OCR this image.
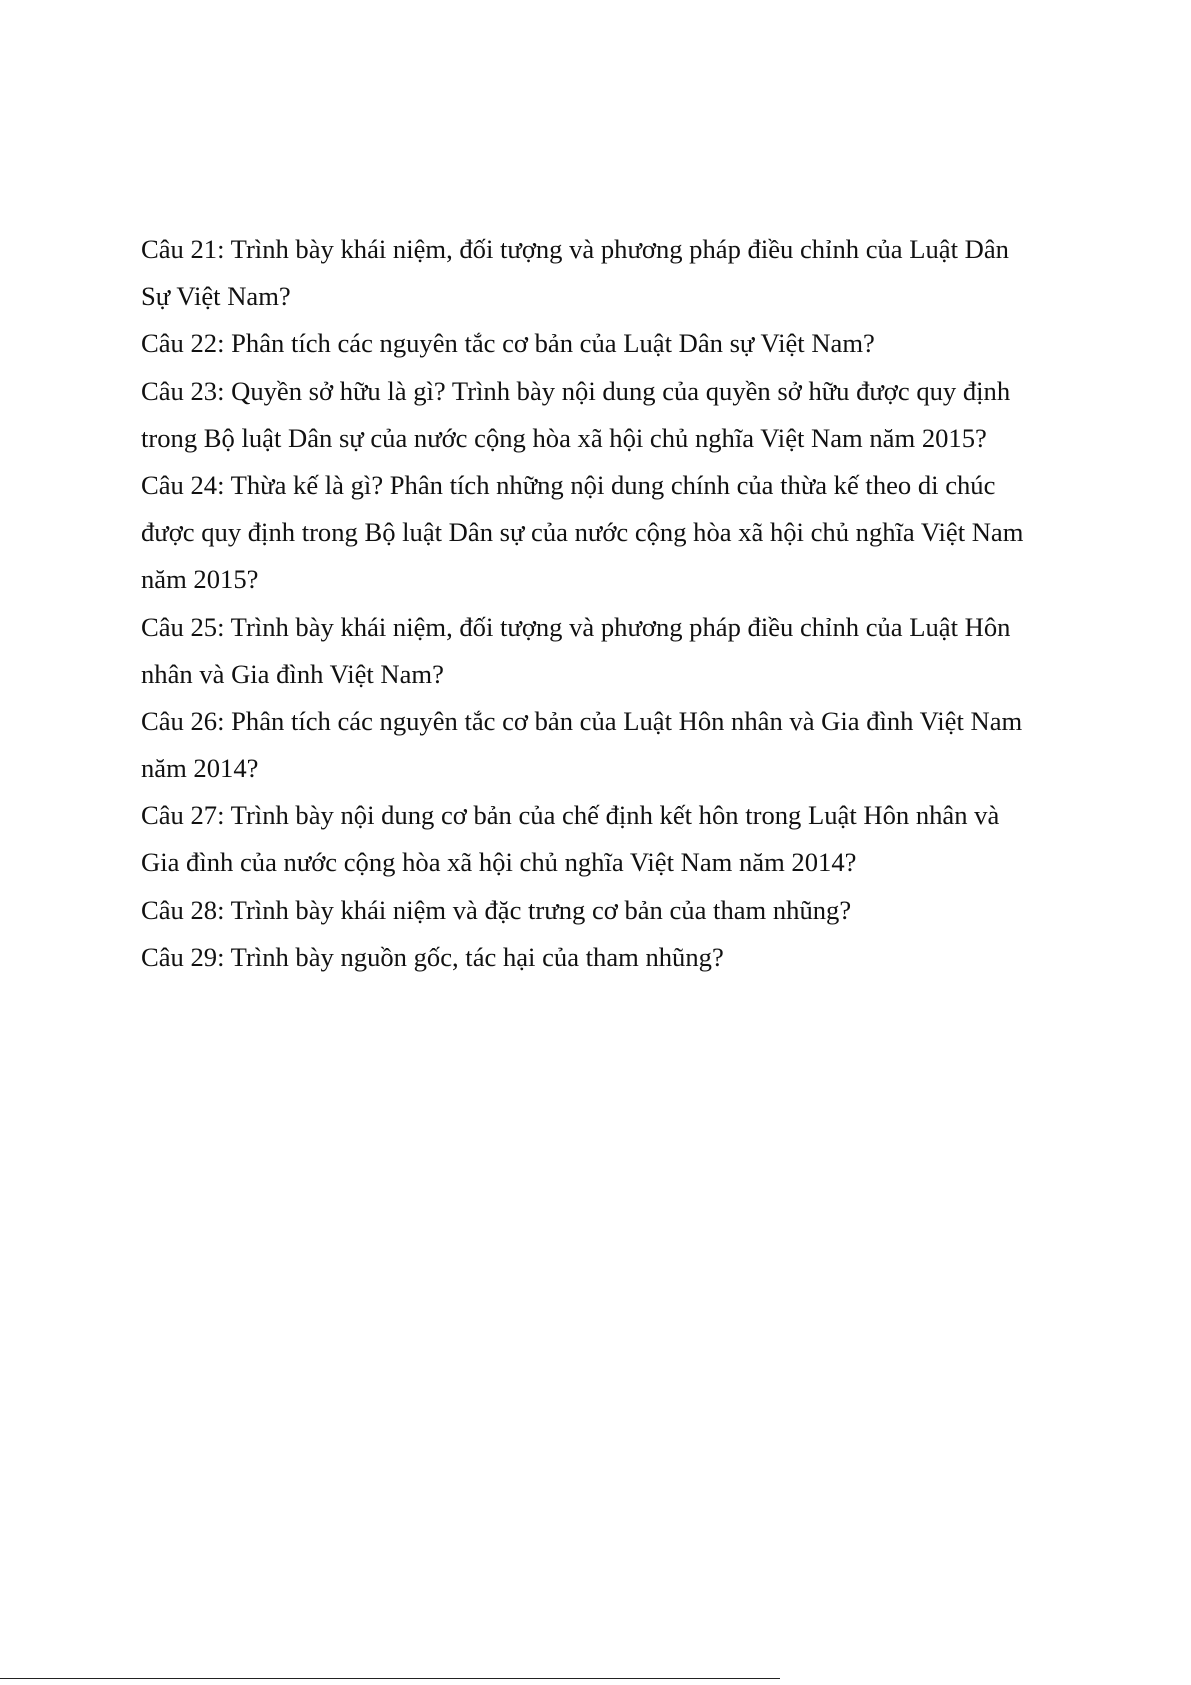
Câu 21: Trình bày khái niệm, đối tượng và phương pháp điều chỉnh của Luật Dân
Sự Việt Nam?
Câu 22: Phân tích các nguyên tắc cơ bản của Luật Dân sự Việt Nam?
Câu 23: Quyền sở hữu là gì? Trình bày nội dung của quyền sở hữu được quy định
trong Bộ luật Dân sự của nước cộng hòa xã hội chủ nghĩa Việt Nam năm 2015?
Câu 24: Thừa kế là gì? Phân tích những nội dung chính của thừa kế theo di chúc
được quy định trong Bộ luật Dân sự của nước cộng hòa xã hội chủ nghĩa Việt Nam
năm 2015?
Câu 25: Trình bày khái niệm, đối tượng và phương pháp điều chỉnh của Luật Hôn
nhân và Gia đình Việt Nam?
Câu 26: Phân tích các nguyên tắc cơ bản của Luật Hôn nhân và Gia đình Việt Nam
năm 2014?
Câu 27: Trình bày nội dung cơ bản của chế định kết hôn trong Luật Hôn nhân và
Gia đình của nước cộng hòa xã hội chủ nghĩa Việt Nam năm 2014?
Câu 28: Trình bày khái niệm và đặc trưng cơ bản của tham nhũng?
Câu 29: Trình bày nguồn gốc, tác hại của tham nhũng?
